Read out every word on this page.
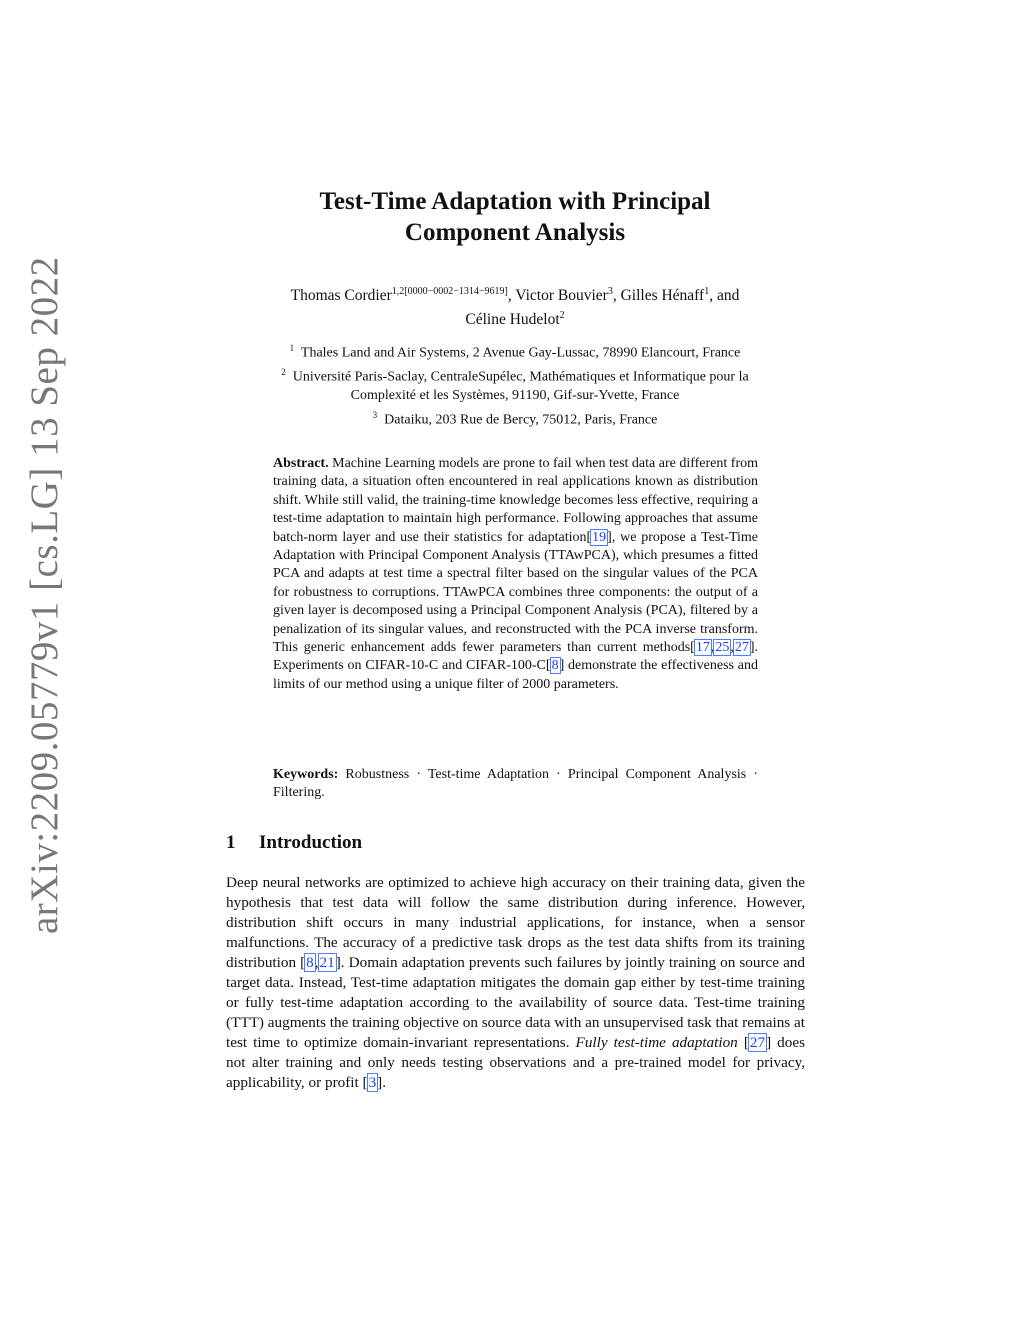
arXiv:2209.05779v1 [cs.LG] 13 Sep 2022
Test-Time Adaptation with Principal
Component Analysis
Thomas Cordier$^{1,2[0000-0002-1314-9619]}$, Victor Bouvier$^3$, Gilles Hénaff$^1$, and
Céline Hudelot$^2$
$^1$ Thales Land and Air Systems, 2 Avenue Gay-Lussac, 78990 Elancourt, France
$^2$ Université Paris-Saclay, CentraleSupélec, Mathématiques et Informatique pour la
Complexité et les Systèmes, 91190, Gif-sur-Yvette, France
$^3$ Dataiku, 203 Rue de Bercy, 75012, Paris, France
Abstract. Machine Learning models are prone to fail when test data are different from training data, a situation often encountered in real applications known as distribution shift. While still valid, the training-time knowledge becomes less effective, requiring a test-time adaptation to maintain high performance. Following approaches that assume batch-norm layer and use their statistics for adaptation[19], we propose a Test-Time Adaptation with Principal Component Analysis (TTAwPCA), which presumes a fitted PCA and adapts at test time a spectral filter based on the singular values of the PCA for robustness to corruptions. TTAwPCA combines three components: the output of a given layer is decomposed using a Principal Component Analysis (PCA), filtered by a penalization of its singular values, and reconstructed with the PCA inverse transform. This generic enhancement adds fewer parameters than current methods[17,25,27]. Experiments on CIFAR-10-C and CIFAR-100-C[8] demonstrate the effectiveness and limits of our method using a unique filter of 2000 parameters.
Keywords: Robustness · Test-time Adaptation · Principal Component Analysis · Filtering.
1 Introduction
Deep neural networks are optimized to achieve high accuracy on their training data, given the hypothesis that test data will follow the same distribution during inference. However, distribution shift occurs in many industrial applications, for instance, when a sensor malfunctions. The accuracy of a predictive task drops as the test data shifts from its training distribution [8,21]. Domain adaptation prevents such failures by jointly training on source and target data. Instead, Test-time adaptation mitigates the domain gap either by test-time training or fully test-time adaptation according to the availability of source data. Test-time training (TTT) augments the training objective on source data with an unsupervised task that remains at test time to optimize domain-invariant representations. Fully test-time adaptation [27] does not alter training and only needs testing observations and a pre-trained model for privacy, applicability, or profit [3].
